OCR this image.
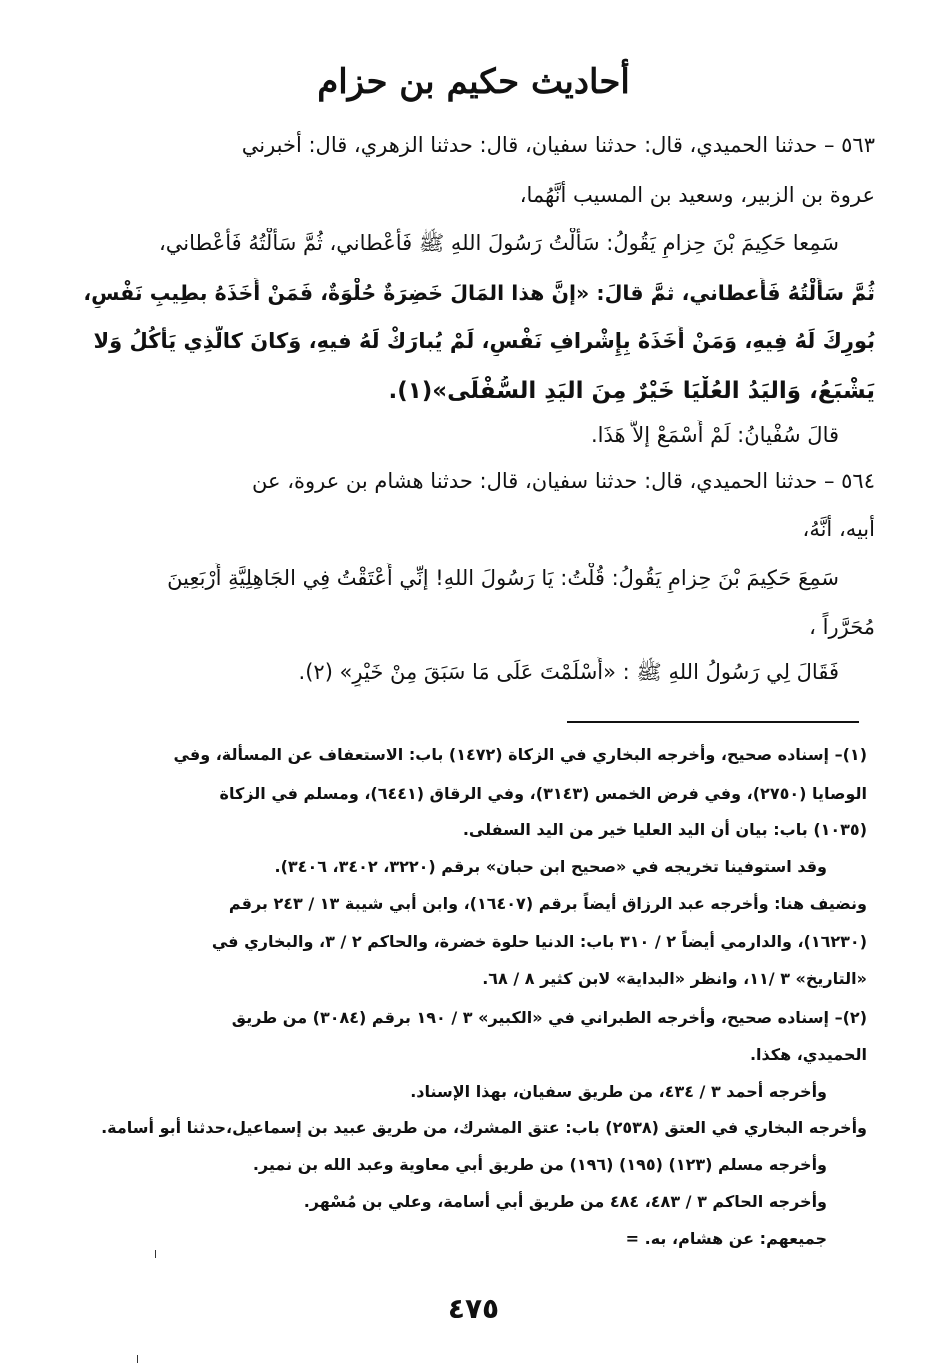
أحاديث حكيم بن حزام
٥٦٣ – حدثنا الحميدي، قال: حدثنا سفيان، قال: حدثنا الزهري، قال: أخبرني
عروة بن الزبير، وسعيد بن المسيب أنَّهُما،
سَمِعا حَكِيمَ بْنَ حِزامٍ يَقُولُ: سَأَلْتُ رَسُولَ اللهِ ﷺ فَأَعْطاني، ثُمَّ سَأَلْتُهُ فَأَعْطاني،
ثُمَّ سَأَلْتُهُ فَأَعطاني، ثمَّ قالَ: «إنَّ هذا المَالَ خَضِرَةٌ حُلْوَةٌ، فَمَنْ أَخَذَهُ بطِيبِ نَفْسٍ،
بُورِكَ لَهُ فِيهِ، وَمَنْ أَخَذَهُ بِإِشْرافِ نَفْسٍ، لَمْ يُبارَكْ لَهُ فيهِ، وَكانَ كالَّذِي يَأْكُلُ وَلا
يَشْبَعُ، وَاليَدُ العُلْيَا خَيْرٌ مِنَ اليَدِ السُّفْلَى»(١).
قالَ سُفْيانُ: لَمْ أَسْمَعْ إلاَّ هَذَا.
٥٦٤ – حدثنا الحميدي، قال: حدثنا سفيان، قال: حدثنا هشام بن عروة، عن
أبيه، أنَّهُ،
سَمِعَ حَكِيمَ بْنَ حِزامٍ يَقُولُ: قُلْتُ: يَا رَسُولَ اللهِ! إنِّي أَعْتَقْتُ فِي الجَاهِلِيَّةِ أَرْبَعِينَ
مُحَرَّراً ،
فَقَالَ لِي رَسُولُ اللهِ ﷺ : «أَسْلَمْتَ عَلَى مَا سَبَقَ مِنْ خَيْرٍ» (٢).
(١)– إسناده صحيح، وأخرجه البخاري في الزكاة (١٤٧٢) باب: الاستعفاف عن المسألة، وفي
الوصايا (٢٧٥٠)، وفي فرض الخمس (٣١٤٣)، وفي الرقاق (٦٤٤١)، ومسلم في الزكاة
(١٠٣٥) باب: بيان أن اليد العليا خير من اليد السفلى.
وقد استوفينا تخريجه في «صحيح ابن حبان» برقم (٣٢٢٠، ٣٤٠٢، ٣٤٠٦).
ونضيف هنا: وأخرجه عبد الرزاق أيضاً برقم (١٦٤٠٧)، وابن أبي شيبة ١٣ / ٢٤٣ برقم
(١٦٢٣٠)، والدارمي أيضاً ٢ / ٣١٠ باب: الدنيا حلوة خضرة، والحاكم ٢ / ٣، والبخاري في
«التاريخ» ٣ /١١، وانظر «البداية» لابن كثير ٨ / ٦٨.
(٢)– إسناده صحيح، وأخرجه الطبراني في «الكبير» ٣ / ١٩٠ برقم (٣٠٨٤) من طريق
الحميدي، هكذا.
وأخرجه أحمد ٣ / ٤٣٤، من طريق سفيان، بهذا الإسناد.
وأخرجه البخاري في العتق (٢٥٣٨) باب: عتق المشرك، من طريق عبيد بن إسماعيل،حدثنا أبو أسامة.
وأخرجه مسلم (١٢٣) (١٩٥) (١٩٦) من طريق أبي معاوية وعبد الله بن نمير.
وأخرجه الحاكم ٣ / ٤٨٣، ٤٨٤ من طريق أبي أسامة، وعلي بن مُسْهر.
جميعهم: عن هشام، به. =
٤٧٥
